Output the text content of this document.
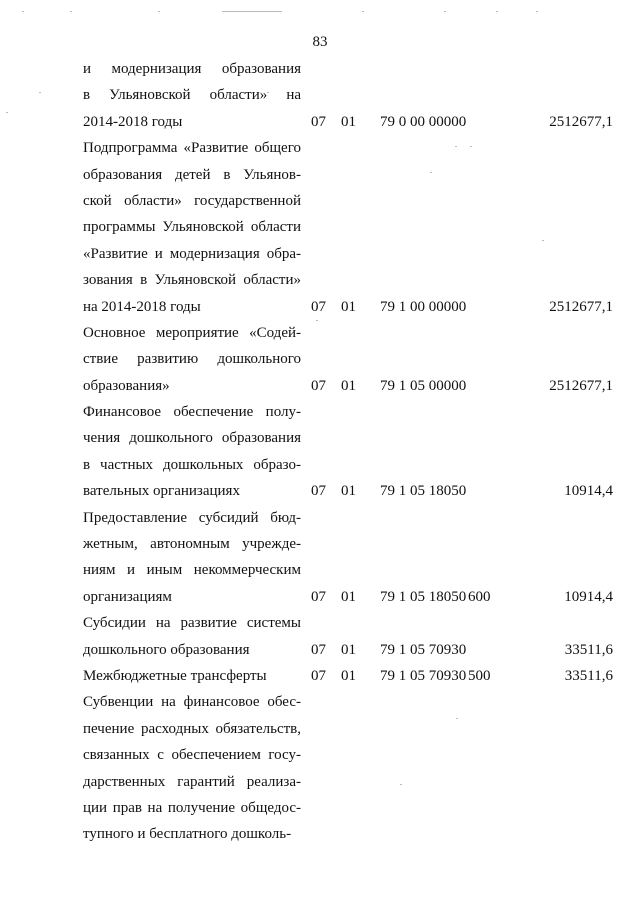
83
и модернизация образования
в Ульяновской области» на
2014-2018 годы	07 01 79 0 00 00000	2512677,1
Подпрограмма «Развитие общего
образования детей в Ульянов-
ской области» государственной
программы Ульяновской области
«Развитие и модернизация обра-
зования в Ульяновской области»
на 2014-2018 годы	07 01 79 1 00 00000	2512677,1
Основное мероприятие «Содей-
ствие развитию дошкольного
образования»	07 01 79 1 05 00000	2512677,1
Финансовое обеспечение полу-
чения дошкольного образования
в частных дошкольных образо-
вательных организациях	07 01 79 1 05 18050	10914,4
Предоставление субсидий бюд-
жетным, автономным учрежде-
ниям и иным некоммерческим
организациям	07 01 79 1 05 18050 600	10914,4
Субсидии на развитие системы
дошкольного образования	07 01 79 1 05 70930	33511,6
Межбюджетные трансферты	07 01 79 1 05 70930 500	33511,6
Субвенции на финансовое обес-
печение расходных обязательств,
связанных с обеспечением госу-
дарственных гарантий реализа-
ции прав на получение общедос-
тупного и бесплатного дошколь-
